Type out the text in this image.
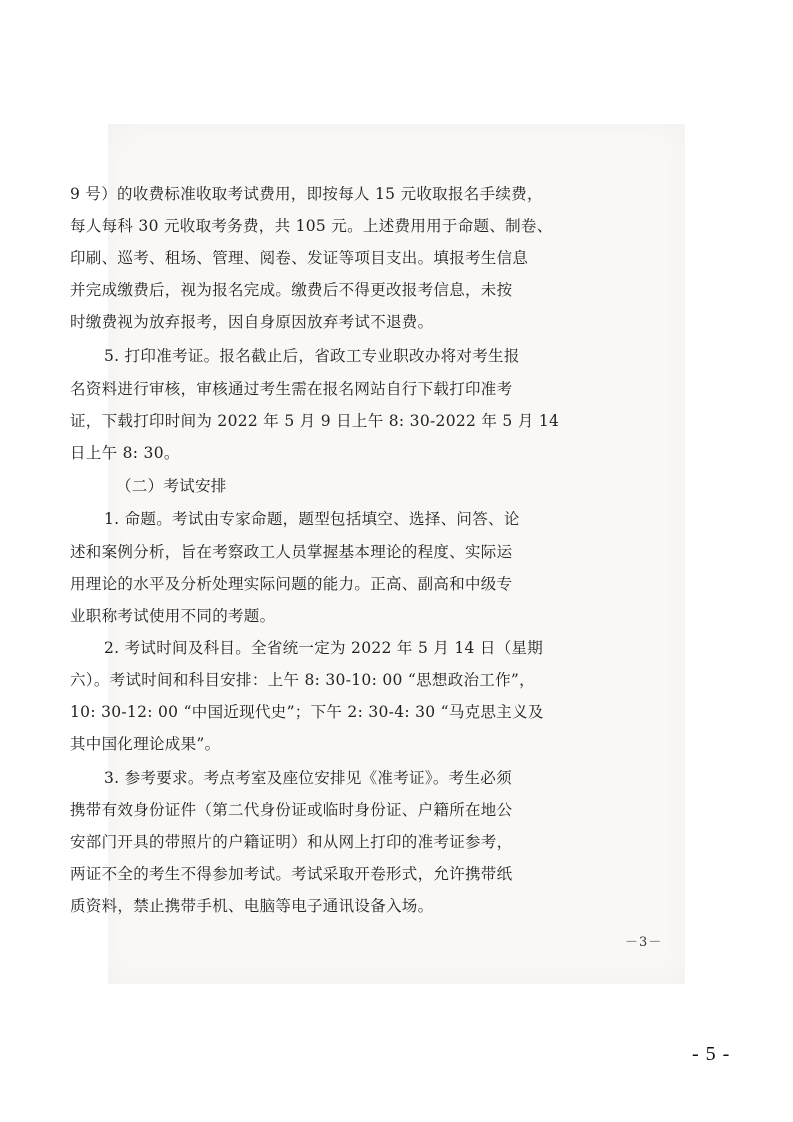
9 号）的收费标准收取考试费用，即按每人 15 元收取报名手续费，
每人每科 30 元收取考务费，共 105 元。上述费用用于命题、制卷、
印刷、巡考、租场、管理、阅卷、发证等项目支出。填报考生信息
并完成缴费后，视为报名完成。缴费后不得更改报考信息，未按
时缴费视为放弃报考，因自身原因放弃考试不退费。
5. 打印准考证。报名截止后，省政工专业职改办将对考生报
名资料进行审核，审核通过考生需在报名网站自行下载打印准考
证，下载打印时间为 2022 年 5 月 9 日上午 8: 30-2022 年 5 月 14
日上午 8: 30。
（二）考试安排
1. 命题。考试由专家命题，题型包括填空、选择、问答、论
述和案例分析，旨在考察政工人员掌握基本理论的程度、实际运
用理论的水平及分析处理实际问题的能力。正高、副高和中级专
业职称考试使用不同的考题。
2. 考试时间及科目。全省统一定为 2022 年 5 月 14 日（星期
六）。考试时间和科目安排：上午 8: 30-10: 00 “思想政治工作”，
10: 30-12: 00 “中国近现代史”；下午 2: 30-4: 30 “马克思主义及
其中国化理论成果”。
3. 参考要求。考点考室及座位安排见《准考证》。考生必须
携带有效身份证件（第二代身份证或临时身份证、户籍所在地公
安部门开具的带照片的户籍证明）和从网上打印的准考证参考，
两证不全的考生不得参加考试。考试采取开卷形式，允许携带纸
质资料，禁止携带手机、电脑等电子通讯设备入场。
－3－
- 5 -
